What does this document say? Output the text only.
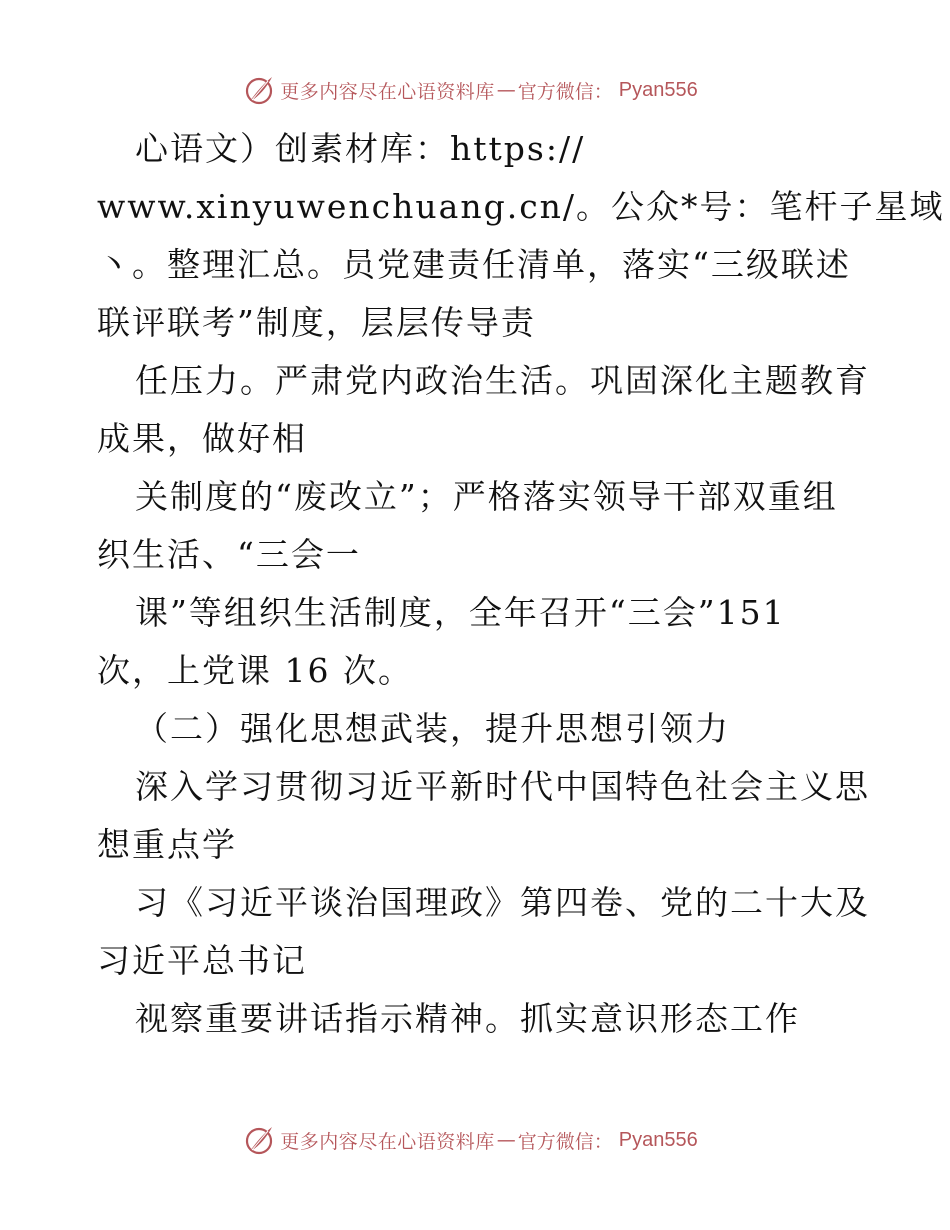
更多内容尽在心语资料库 — 官方微信： Pyan556
心语文）创素材库：https://
www.xinyuwenchuang.cn/。公众*号：笔杆子星域
丶。整理汇总。员党建责任清单，落实“三级联述
联评联考”制度，层层传导责
任压力。严肃党内政治生活。巩固深化主题教育
成果，做好相
关制度的“废改立”；严格落实领导干部双重组
织生活、“三会一
课”等组织生活制度，全年召开“三会”151
次，上党课 16 次。
（二）强化思想武装，提升思想引领力
深入学习贯彻习近平新时代中国特色社会主义思
想重点学
习《习近平谈治国理政》第四卷、党的二十大及
习近平总书记
视察重要讲话指示精神。抓实意识形态工作
更多内容尽在心语资料库 — 官方微信： Pyan556
